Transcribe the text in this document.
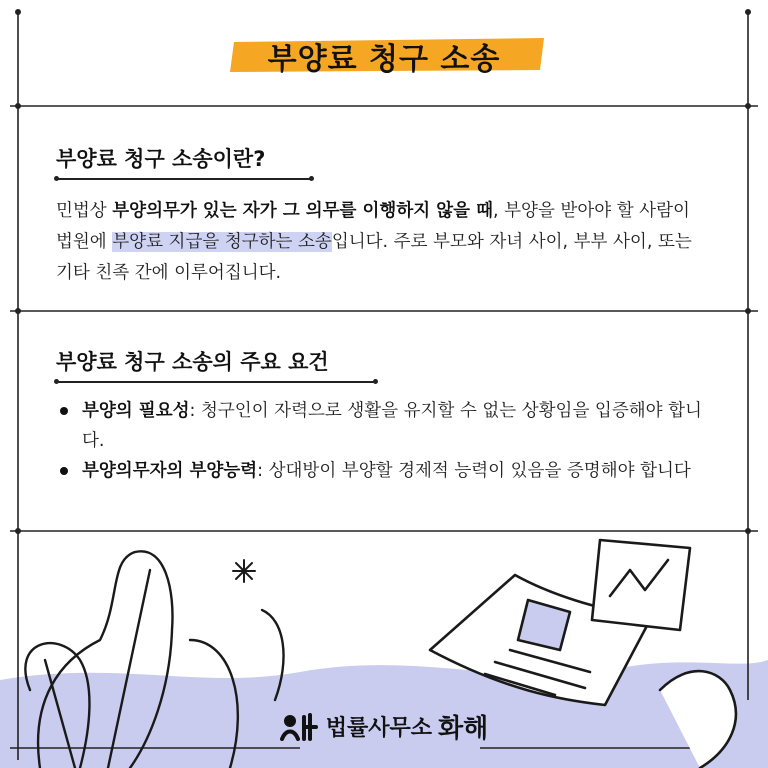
부양료 청구 소송
부양료 청구 소송이란?
민법상 부양의무가 있는 자가 그 의무를 이행하지 않을 때, 부양을 받아야 할 사람이 법원에 부양료 지급을 청구하는 소송입니다. 주로 부모와 자녀 사이, 부부 사이, 또는 기타 친족 간에 이루어집니다.
부양료 청구 소송의 주요 요건
부양의 필요성: 청구인이 자력으로 생활을 유지할 수 없는 상황임을 입증해야 합니다.
부양의무자의 부양능력: 상대방이 부양할 경제적 능력이 있음을 증명해야 합니다
법률사무소 화해
